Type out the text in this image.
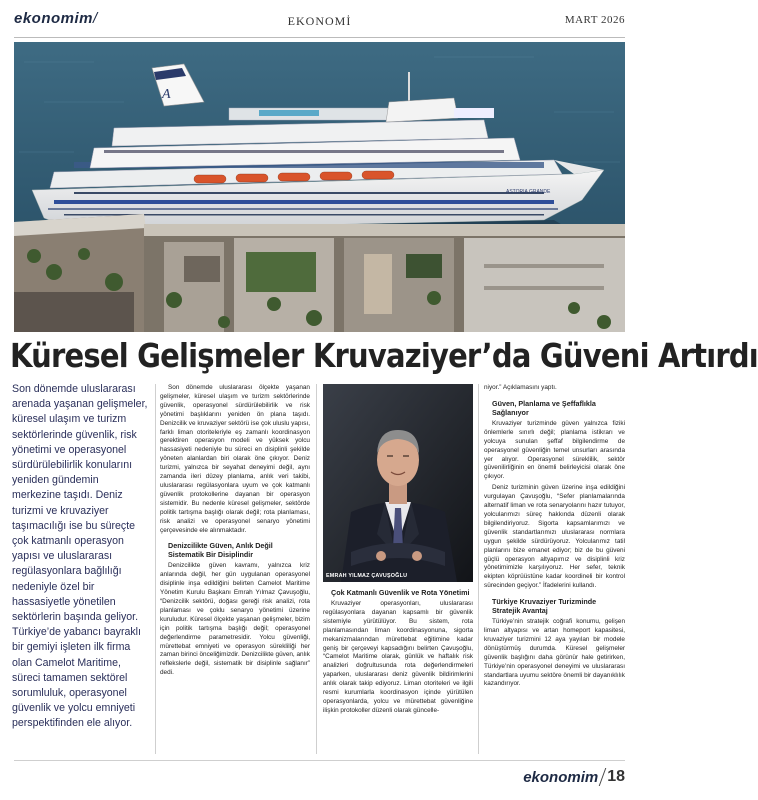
ekonomim/	EKONOMİ	MART 2026
A
ASTORIA GRANDE
Küresel Gelişmeler Kruvaziyer’da Güveni Artırdı
Son dönemde uluslararası arenada yaşanan gelişmeler, küresel ulaşım ve turizm sektörlerinde güvenlik, risk yönetimi ve operasyonel sürdürülebilirlik konularını yeniden gündemin merkezine taşıdı. Deniz turizmi ve kruvaziyer taşımacılığı ise bu süreçte çok katmanlı operasyon yapısı ve uluslararası regülasyonlara bağlılığı nedeniyle özel bir hassasiyetle yönetilen sektörlerin başında geliyor. Türkiye’de yabancı bayraklı bir gemiyi işleten ilk firma olan Camelot Maritime, süreci tamamen sektörel sorumluluk, operasyonel güvenlik ve yolcu emniyeti perspektifinden ele alıyor.

Son dönemde uluslararası ölçekte yaşanan gelişmeler, küresel ulaşım ve turizm sektörlerinde güvenlik, operasyonel sürdürülebilirlik ve risk yönetimi başlıklarını yeniden ön plana taşıdı. Denizcilik ve kruvaziyer sektörü ise çok uluslu yapısı, farklı liman otoriteleriyle eş zamanlı koordinasyon gerektiren operasyon modeli ve yüksek yolcu hassasiyeti nedeniyle bu süreci en disiplinli şekilde yöneten alanlardan biri olarak öne çıkıyor. Deniz turizmi, yalnızca bir seyahat deneyimi değil, aynı zamanda ileri düzey planlama, anlık veri takibi, uluslararası regülasyonlara uyum ve çok katmanlı güvenlik protokollerine dayanan bir operasyon sistemidir. Bu nedenle küresel gelişmeler, sektörde politik tartışma başlığı olarak değil; rota planlaması, risk analizi ve operasyonel senaryo yönetimi çerçevesinde ele alınmaktadır.

Denizcilikte Güven, Anlık Değil Sistematik Bir Disiplindir

Denizcilikte güven kavramı, yalnızca kriz anlarında değil, her gün uygulanan operasyonel disiplinle inşa edildiğini belirten Camelot Maritime Yönetim Kurulu Başkanı Emrah Yılmaz Çavuşoğlu, “Denizcilik sektörü, doğası gereği risk analizi, rota planlaması ve çoklu senaryo yönetimi üzerine kuruludur. Küresel ölçekte yaşanan gelişmeler, bizim için politik tartışma başlığı değil; operasyonel değerlendirme parametresidir. Yolcu güvenliği, mürettebat emniyeti ve operasyon sürekliliği her zaman birinci önceliğimizdir. Denizcilikte güven, anlık reflekslerle değil, sistematik bir disiplinle sağlanır” dedi.

EMRAH YILMAZ ÇAVUŞOĞLU
Çok Katmanlı Güvenlik ve Rota Yönetimi

Kruvaziyer operasyonları, uluslararası regülasyonlara dayanan kapsamlı bir güvenlik sistemiyle yürütülüyor. Bu sistem, rota planlamasından liman koordinasyonuna, sigorta mekanizmalarından mürettebat eğitimine kadar geniş bir çerçeveyi kapsadığını belirten Çavuşoğlu, “Camelot Maritime olarak, günlük ve haftalık risk analizleri doğrultusunda rota değerlendirmeleri yaparken, uluslararası deniz güvenlik bildirimlerini anlık olarak takip ediyoruz. Liman otoriteleri ve ilgili resmi kurumlarla koordinasyon içinde yürütülen operasyonlarda, yolcu ve mürettebat güvenliğine ilişkin protokoller düzenli olarak güncelle-

niyor.” Açıklamasını yaptı.

Güven, Planlama ve Şeffaflıkla Sağlanıyor

Kruvaziyer turizminde güven yalnızca fiziki önlemlerle sınırlı değil; planlama istikrarı ve yolcuya sunulan şeffaf bilgilendirme de operasyonel güvenliğin temel unsurları arasında yer alıyor. Operasyonel süreklilik, sektör güvenilirliğinin en önemli belirleyicisi olarak öne çıkıyor.

Deniz turizminin güven üzerine inşa edildiğini vurgulayan Çavuşoğlu, “Sefer planlamalarında alternatif liman ve rota senaryolarını hazır tutuyor, yolcularımızı süreç hakkında düzenli olarak bilgilendiriyoruz. Sigorta kapsamlarımızı ve güvenlik standartlarımızı uluslararası normlara uygun şekilde sürdürüyoruz. Yolcularımız tatil planlarını bize emanet ediyor; biz de bu güveni güçlü operasyon altyapımız ve disiplinli kriz yönetimimizle karşılıyoruz. Her sefer, teknik ekipten köprüüstüne kadar koordineli bir kontrol sürecinden geçiyor.” İfadelerini kullandı.

Türkiye Kruvaziyer Turizminde Stratejik Avantaj

Türkiye’nin stratejik coğrafi konumu, gelişen liman altyapısı ve artan homeport kapasitesi, kruvaziyer turizmini 12 aya yayılan bir modele dönüştürmüş durumda. Küresel gelişmeler güvenlik başlığını daha görünür hale getirirken, Türkiye’nin operasyonel deneyimi ve uluslararası standartlara uyumu sektöre önemli bir dayanıklılık kazandırıyor.

ekonomim 18
